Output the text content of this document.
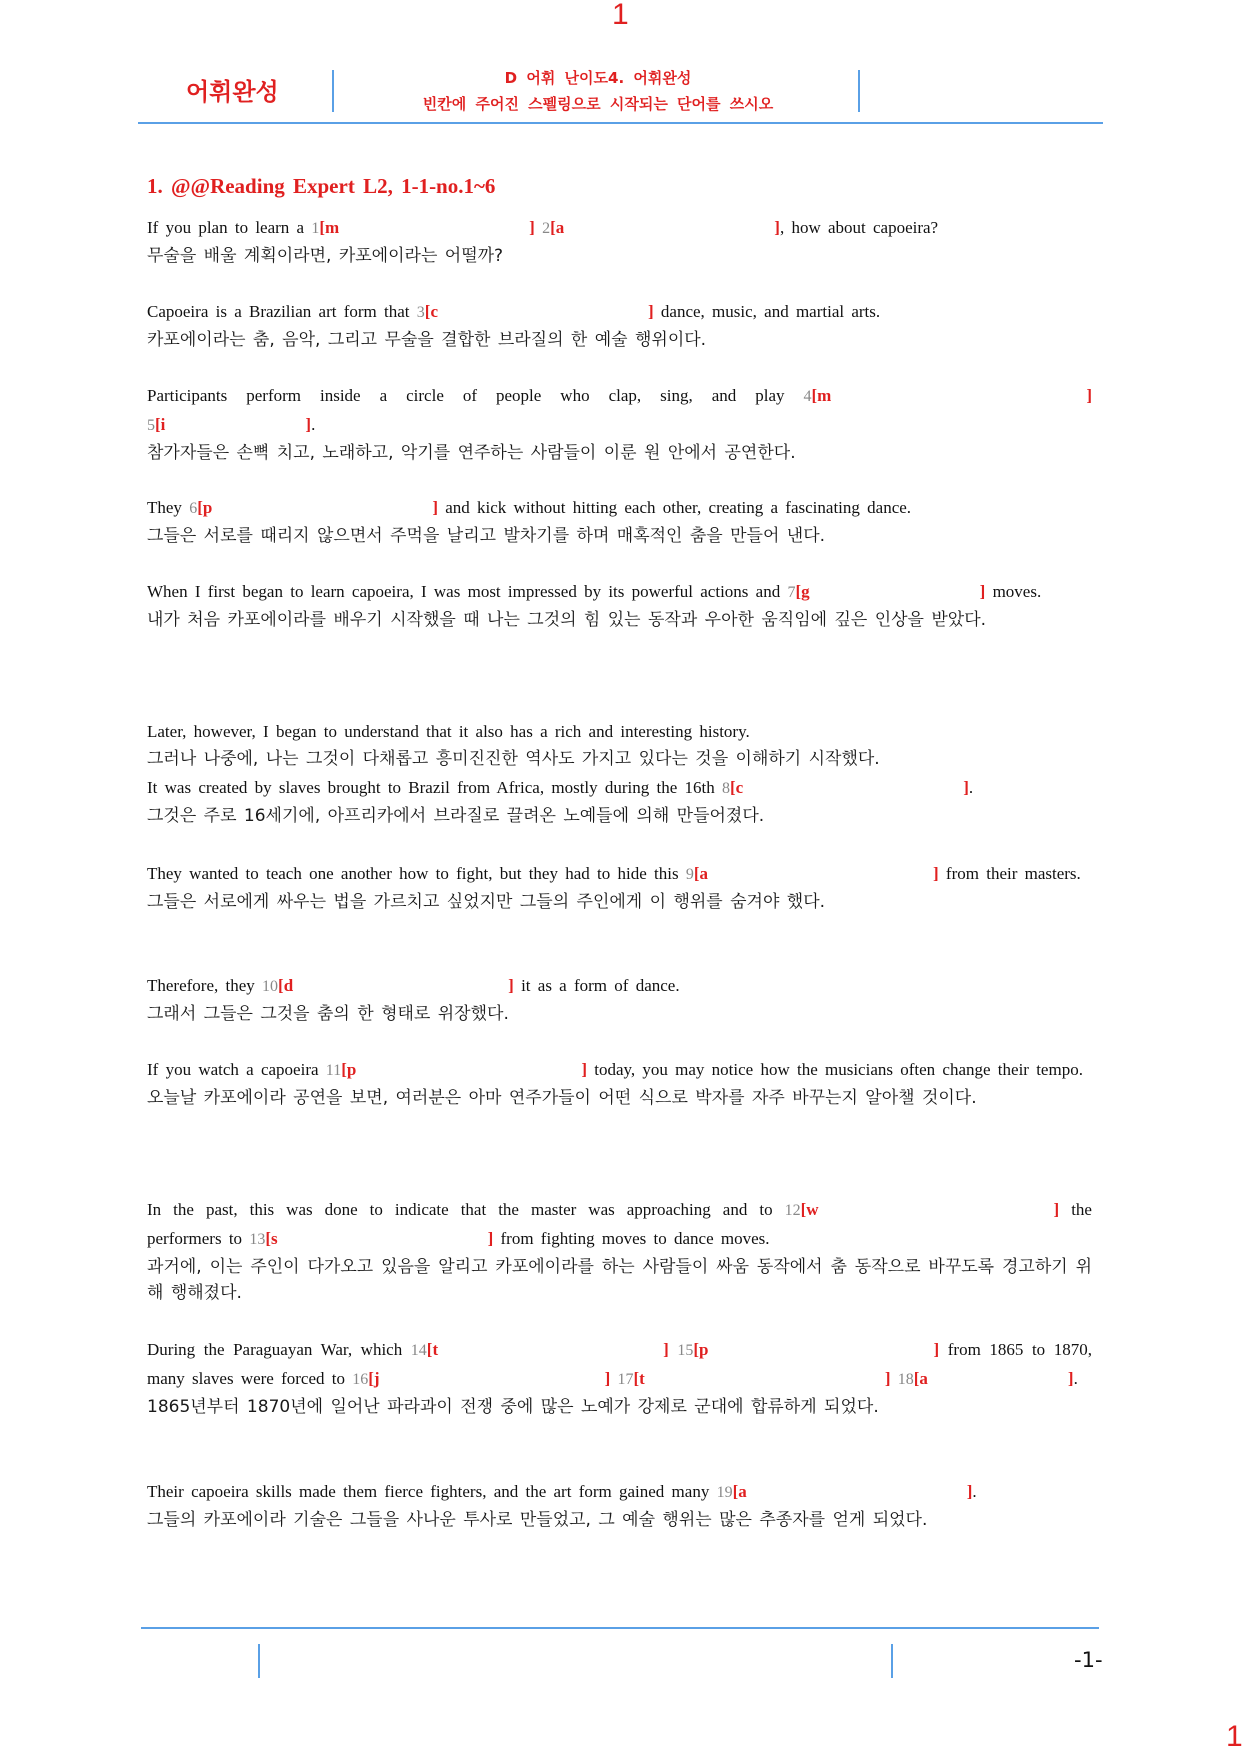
1
어휘완성	D 어휘 난이도4. 어휘완성
빈칸에 주어진 스펠링으로 시작되는 단어를 쓰시오
1. @@Reading Expert L2, 1-1-no.1~6
If you plan to learn a 1[m	] 2[a	], how about capoeira?
무술을 배울 계획이라면, 카포에이라는 어떨까?
Capoeira is a Brazilian art form that 3[c	] dance, music, and martial arts.
카포에이라는 춤, 음악, 그리고 무술을 결합한 브라질의 한 예술 행위이다.
Participants perform inside a circle of people who clap, sing, and play 4[m	] 5[i	].
참가자들은 손뼉 치고, 노래하고, 악기를 연주하는 사람들이 이룬 원 안에서 공연한다.
They 6[p	] and kick without hitting each other, creating a fascinating dance.
그들은 서로를 때리지 않으면서 주먹을 날리고 발차기를 하며 매혹적인 춤을 만들어 낸다.
When I first began to learn capoeira, I was most impressed by its powerful actions and 7[g	] moves.
내가 처음 카포에이라를 배우기 시작했을 때 나는 그것의 힘 있는 동작과 우아한 움직임에 깊은 인상을 받았다.
Later, however, I began to understand that it also has a rich and interesting history.
그러나 나중에, 나는 그것이 다채롭고 흥미진진한 역사도 가지고 있다는 것을 이해하기 시작했다.
It was created by slaves brought to Brazil from Africa, mostly during the 16th 8[c	].
그것은 주로 16세기에, 아프리카에서 브라질로 끌려온 노예들에 의해 만들어졌다.
They wanted to teach one another how to fight, but they had to hide this 9[a	] from their masters.
그들은 서로에게 싸우는 법을 가르치고 싶었지만 그들의 주인에게 이 행위를 숨겨야 했다.
Therefore, they 10[d	] it as a form of dance.
그래서 그들은 그것을 춤의 한 형태로 위장했다.
If you watch a capoeira 11[p	] today, you may notice how the musicians often change their tempo.
오늘날 카포에이라 공연을 보면, 여러분은 아마 연주가들이 어떤 식으로 박자를 자주 바꾸는지 알아챌 것이다.
In the past, this was done to indicate that the master was approaching and to 12[w	] the performers to 13[s	] from fighting moves to dance moves.
과거에, 이는 주인이 다가오고 있음을 알리고 카포에이라를 하는 사람들이 싸움 동작에서 춤 동작으로 바꾸도록 경고하기 위해 행해졌다.
During the Paraguayan War, which 14[t	] 15[p	] from 1865 to 1870, many slaves were forced to 16[j	] 17[t	] 18[a	].
1865년부터 1870년에 일어난 파라과이 전쟁 중에 많은 노예가 강제로 군대에 합류하게 되었다.
Their capoeira skills made them fierce fighters, and the art form gained many 19[a	].
그들의 카포에이라 기술은 그들을 사나운 투사로 만들었고, 그 예술 행위는 많은 추종자를 얻게 되었다.
-1-
1
